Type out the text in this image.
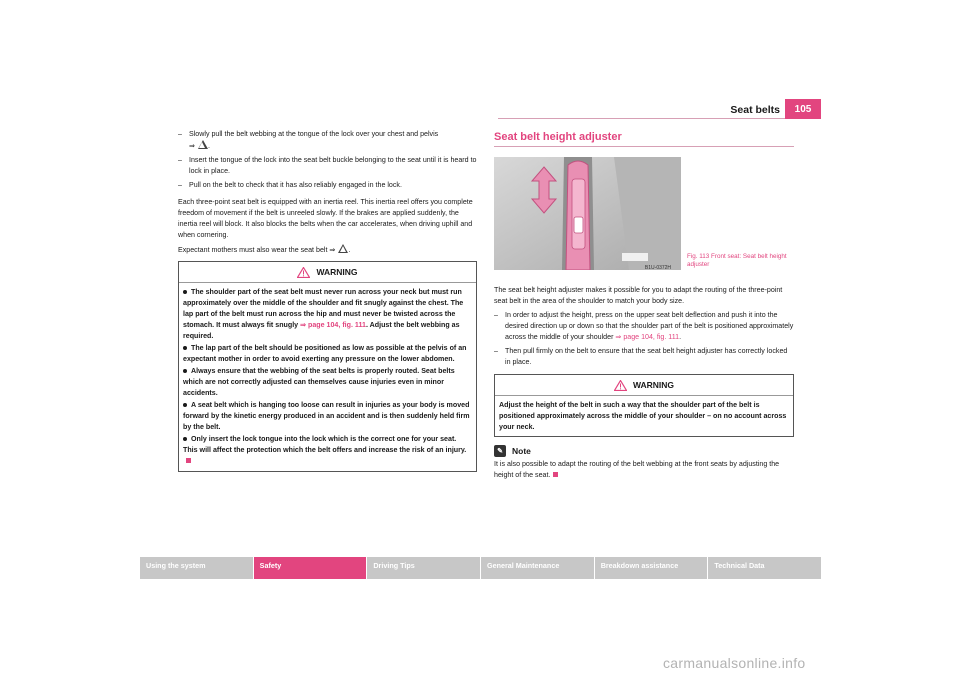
Seat belts	105
– Slowly pull the belt webbing at the tongue of the lock over your chest and pelvis
⇒ .
– Insert the tongue of the lock into the seat belt buckle belonging to the seat until it is heard to lock in place.
– Pull on the belt to check that it has also reliably engaged in the lock.

Each three-point seat belt is equipped with an inertia reel. This inertia reel offers you complete freedom of movement if the belt is unreeled slowly. If the brakes are applied suddenly, the inertia reel will block. It also blocks the belts when the car accelerates, when driving uphill and when cornering.

Expectant mothers must also wear the seat belt ⇒ .

WARNING
The shoulder part of the seat belt must never run across your neck but must run approximately over the middle of the shoulder and fit snugly against the chest. The lap part of the belt must run across the hip and must never be twisted across the stomach. It must always fit snugly ⇒ page 104, fig. 111. Adjust the belt webbing as required.
The lap part of the belt should be positioned as low as possible at the pelvis of an expectant mother in order to avoid exerting any pressure on the lower abdomen.
Always ensure that the webbing of the seat belts is properly routed. Seat belts which are not correctly adjusted can themselves cause injuries even in minor accidents.
A seat belt which is hanging too loose can result in injuries as your body is moved forward by the kinetic energy produced in an accident and is then suddenly held firm by the belt.
Only insert the lock tongue into the lock which is the correct one for your seat. This will affect the protection which the belt offers and increase the risk of an injury.
Seat belt height adjuster
B1U-0372H
Fig. 113 Front seat: Seat belt height adjuster

The seat belt height adjuster makes it possible for you to adapt the routing of the three-point seat belt in the area of the shoulder to match your body size.

– In order to adjust the height, press on the upper seat belt deflection and push it into the desired direction up or down so that the shoulder part of the belt is positioned approximately across the middle of your shoulder ⇒ page 104, fig. 111.
– Then pull firmly on the belt to ensure that the seat belt height adjuster has correctly locked in place.
WARNING
Adjust the height of the belt in such a way that the shoulder part of the belt is positioned approximately across the middle of your shoulder – on no account across your neck.
✎	Note
It is also possible to adapt the routing of the belt webbing at the front seats by adjusting the height of the seat.
Using the system	Safety	Driving Tips	General Maintenance	Breakdown assistance	Technical Data
carmanualsonline.info
